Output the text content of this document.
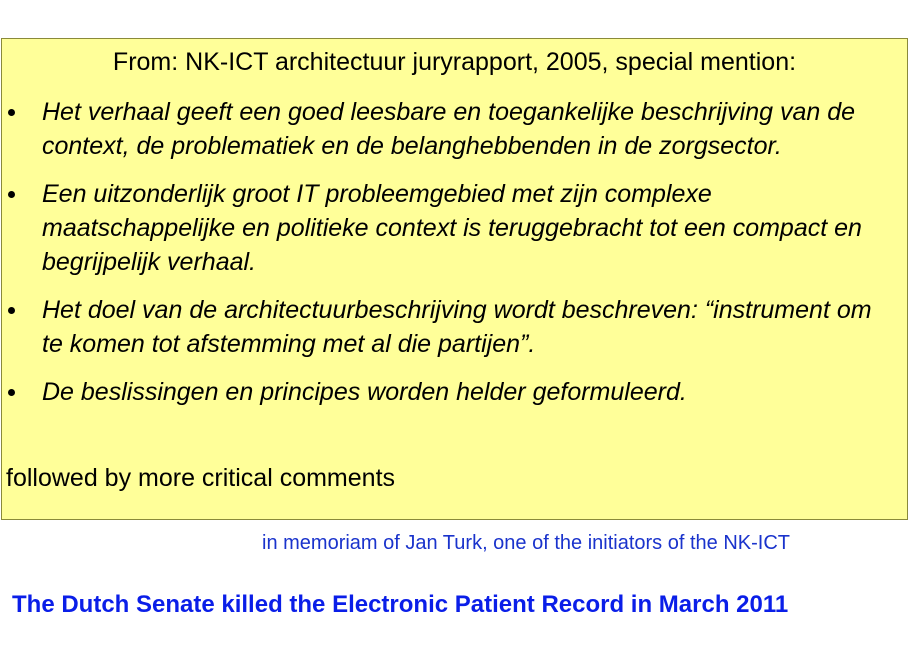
From: NK-ICT architectuur juryrapport, 2005, special mention:
Het verhaal geeft een goed leesbare en toegankelijke beschrijving van de context, de problematiek en de belanghebbenden in de zorgsector.
Een uitzonderlijk groot IT probleemgebied met zijn complexe maatschappelijke en politieke context is teruggebracht tot een compact en begrijpelijk verhaal.
Het doel van de architectuurbeschrijving wordt beschreven: “instrument om te komen tot afstemming met al die partijen”.
De beslissingen en principes worden helder geformuleerd.
followed by more critical comments
in memoriam of Jan Turk, one of the initiators of the NK-ICT
The Dutch Senate killed the Electronic Patient Record in March 2011
